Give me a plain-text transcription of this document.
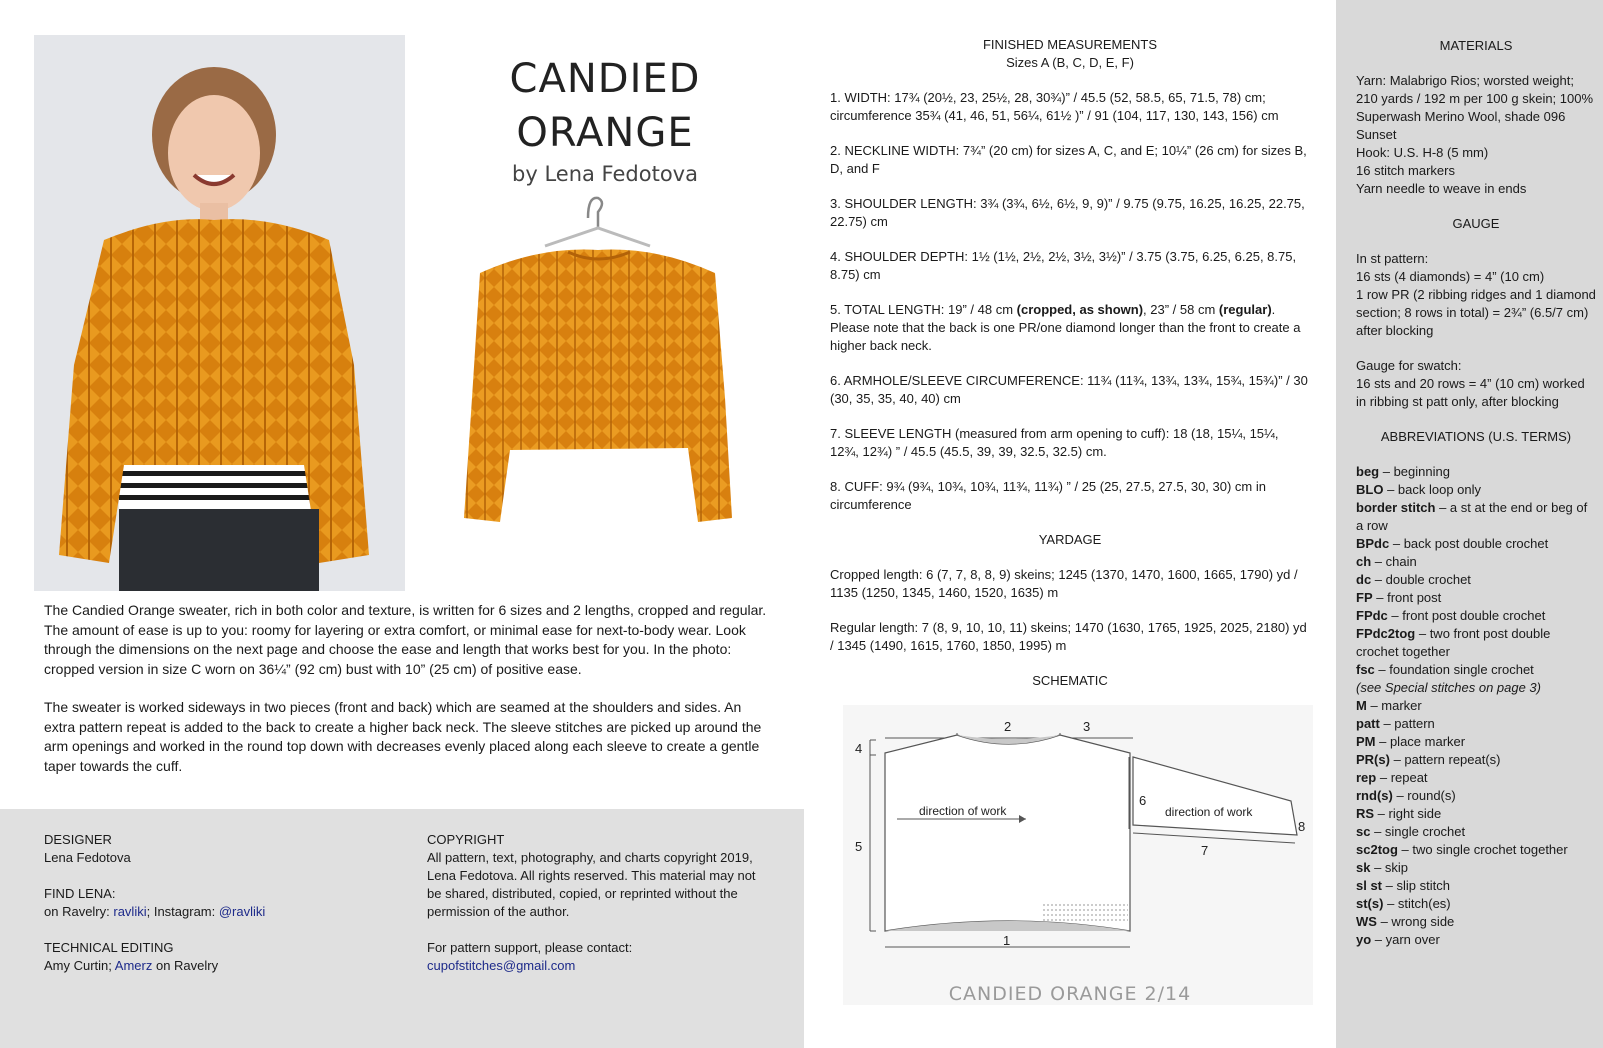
CANDIED ORANGE
by Lena Fedotova

The Candied Orange sweater, rich in both color and texture, is written for 6 sizes and 2 lengths, cropped and regular. The amount of ease is up to you: roomy for layering or extra comfort, or minimal ease for next-to-body wear. Look through the dimensions on the next page and choose the ease and length that works best for you. In the photo: cropped version in size C worn on 36¼” (92 cm) bust with 10” (25 cm) of positive ease.

The sweater is worked sideways in two pieces (front and back) which are seamed at the shoulders and sides. An extra pattern repeat is added to the back to create a higher back neck. The sleeve stitches are picked up around the arm openings and worked in the round top down with decreases evenly placed along each sleeve to create a gentle taper towards the cuff.

DESIGNER
Lena Fedotova
FIND LENA:
on Ravelry: ravliki; Instagram: @ravliki
TECHNICAL EDITING
Amy Curtin; Amerz on Ravelry
COPYRIGHT
All pattern, text, photography, and charts copyright 2019, Lena Fedotova. All rights reserved. This material may not be shared, distributed, copied, or reprinted without the permission of the author.
For pattern support, please contact:
cupofstitches@gmail.com
FINISHED MEASUREMENTS
Sizes A (B, C, D, E, F)

1. WIDTH: 17¾ (20½, 23, 25½, 28, 30¾)” / 45.5 (52, 58.5, 65, 71.5, 78) cm; circumference 35¾ (41, 46, 51, 56¼, 61½ )” / 91 (104, 117, 130, 143, 156) cm

2. NECKLINE WIDTH: 7¾” (20 cm) for sizes A, C, and E; 10¼” (26 cm) for sizes B, D, and F

3. SHOULDER LENGTH: 3¾ (3¾, 6½, 6½, 9, 9)” / 9.75 (9.75, 16.25, 16.25, 22.75, 22.75) cm

4. SHOULDER DEPTH: 1½ (1½, 2½, 2½, 3½, 3½)” / 3.75 (3.75, 6.25, 6.25, 8.75, 8.75) cm

5. TOTAL LENGTH: 19” / 48 cm (cropped, as shown), 23” / 58 cm (regular). Please note that the back is one PR/one diamond longer than the front to create a higher back neck.

6. ARMHOLE/SLEEVE CIRCUMFERENCE: 11¾ (11¾, 13¾, 13¾, 15¾, 15¾)” / 30 (30, 35, 35, 40, 40) cm

7. SLEEVE LENGTH (measured from arm opening to cuff): 18 (18, 15¼, 15¼, 12¾, 12¾) ” / 45.5 (45.5, 39, 39, 32.5, 32.5) cm.

8. CUFF: 9¾ (9¾, 10¾, 10¾, 11¾, 11¾) ” / 25 (25, 27.5, 27.5, 30, 30) cm in circumference

YARDAGE

Cropped length: 6 (7, 7, 8, 8, 9) skeins; 1245 (1370, 1470, 1600, 1665, 1790) yd / 1135 (1250, 1345, 1460, 1520, 1635) m

Regular length: 7 (8, 9, 10, 10, 11) skeins; 1470 (1630, 1765, 1925, 2025, 2180) yd / 1345 (1490, 1615, 1760, 1850, 1995) m

SCHEMATIC
2	3
4
5
1
direction of work
6
7
8
direction of work
CANDIED ORANGE 2/14

MATERIALS

Yarn: Malabrigo Rios; worsted weight; 210 yards / 192 m per 100 g skein; 100% Superwash Merino Wool, shade 096 Sunset
Hook: U.S. H-8 (5 mm)
16 stitch markers
Yarn needle to weave in ends

GAUGE

In st pattern:
16 sts (4 diamonds) = 4” (10 cm)
1 row PR (2 ribbing ridges and 1 diamond section; 8 rows in total) = 2¾” (6.5/7 cm) after blocking
Gauge for swatch:
16 sts and 20 rows = 4” (10 cm) worked in ribbing st patt only, after blocking

ABBREVIATIONS (U.S. TERMS)

beg – beginning
BLO – back loop only
border stitch – a st at the end or beg of a row
BPdc – back post double crochet
ch – chain
dc – double crochet
FP – front post
FPdc – front post double crochet
FPdc2tog – two front post double crochet together
fsc – foundation single crochet
(see Special stitches on page 3)
M – marker
patt – pattern
PM – place marker
PR(s) – pattern repeat(s)
rep – repeat
rnd(s) – round(s)
RS – right side
sc – single crochet
sc2tog – two single crochet together
sk – skip
sl st – slip stitch
st(s) – stitch(es)
WS – wrong side
yo – yarn over
